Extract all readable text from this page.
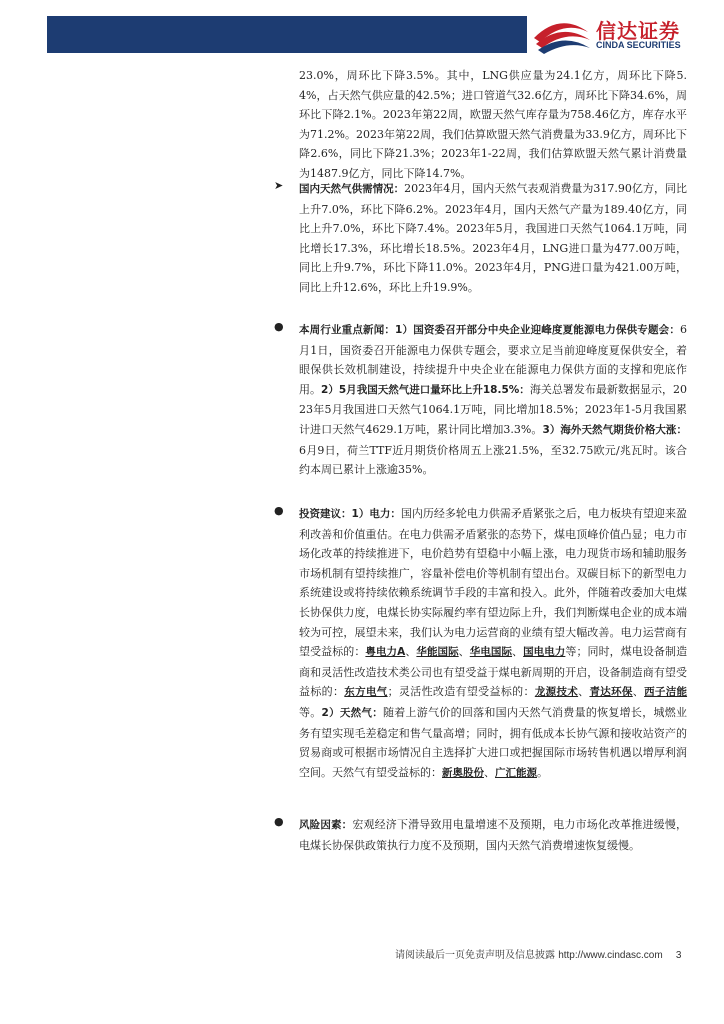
信达证券
CINDA SECURITIES

23.0%，周环比下降3.5%。其中，LNG供应量为24.1亿方，周环比下降5.4%，占天然气供应量的42.5%；进口管道气32.6亿方，周环比下降34.6%，周环比下降2.1%。2023年第22周，欧盟天然气库存量为758.46亿方，库存水平为71.2%。2023年第22周，我们估算欧盟天然气消费量为33.9亿方，周环比下降2.6%，同比下降21.3%；2023年1-22周，我们估算欧盟天然气累计消费量为1487.9亿方，同比下降14.7%。

➤ 国内天然气供需情况：2023年4月，国内天然气表观消费量为317.90亿方，同比上升7.0%，环比下降6.2%。2023年4月，国内天然气产量为189.40亿方，同比上升7.0%，环比下降7.4%。2023年5月，我国进口天然气1064.1万吨，同比增长17.3%，环比增长18.5%。2023年4月，LNG进口量为477.00万吨，同比上升9.7%，环比下降11.0%。2023年4月，PNG进口量为421.00万吨，同比上升12.6%，环比上升19.9%。

● 本周行业重点新闻：1）国资委召开部分中央企业迎峰度夏能源电力保供专题会：6月1日，国资委召开能源电力保供专题会，要求立足当前迎峰度夏保供安全，着眼保供长效机制建设，持续提升中央企业在能源电力保供方面的支撑和兜底作用。2）5月我国天然气进口量环比上升18.5%：海关总署发布最新数据显示，2023年5月我国进口天然气1064.1万吨，同比增加18.5%；2023年1-5月我国累计进口天然气4629.1万吨，累计同比增加3.3%。3）海外天然气期货价格大涨：6月9日，荷兰TTF近月期货价格周五上涨21.5%，至32.75欧元/兆瓦时。该合约本周已累计上涨逾35%。

● 投资建议：1）电力：国内历经多轮电力供需矛盾紧张之后，电力板块有望迎来盈利改善和价值重估。在电力供需矛盾紧张的态势下，煤电顶峰价值凸显；电力市场化改革的持续推进下，电价趋势有望稳中小幅上涨，电力现货市场和辅助服务市场机制有望持续推广，容量补偿电价等机制有望出台。双碳目标下的新型电力系统建设或将持续依赖系统调节手段的丰富和投入。此外，伴随着改委加大电煤长协保供力度，电煤长协实际履约率有望边际上升，我们判断煤电企业的成本端较为可控，展望未来，我们认为电力运营商的业绩有望大幅改善。电力运营商有望受益标的：粤电力A、华能国际、华电国际、国电电力等；同时，煤电设备制造商和灵活性改造技术类公司也有望受益于煤电新周期的开启，设备制造商有望受益标的：东方电气；灵活性改造有望受益标的：龙源技术、青达环保、西子洁能等。2）天然气：随着上游气价的回落和国内天然气消费量的恢复增长，城燃业务有望实现毛差稳定和售气量高增；同时，拥有低成本长协气源和接收站资产的贸易商或可根据市场情况自主选择扩大进口或把握国际市场转售机遇以增厚利润空间。天然气有望受益标的：新奥股份、广汇能源。

● 风险因素：宏观经济下滑导致用电量增速不及预期，电力市场化改革推进缓慢，电煤长协保供政策执行力度不及预期，国内天然气消费增速恢复缓慢。

请阅读最后一页免责声明及信息披露 http://www.cindasc.com 3
